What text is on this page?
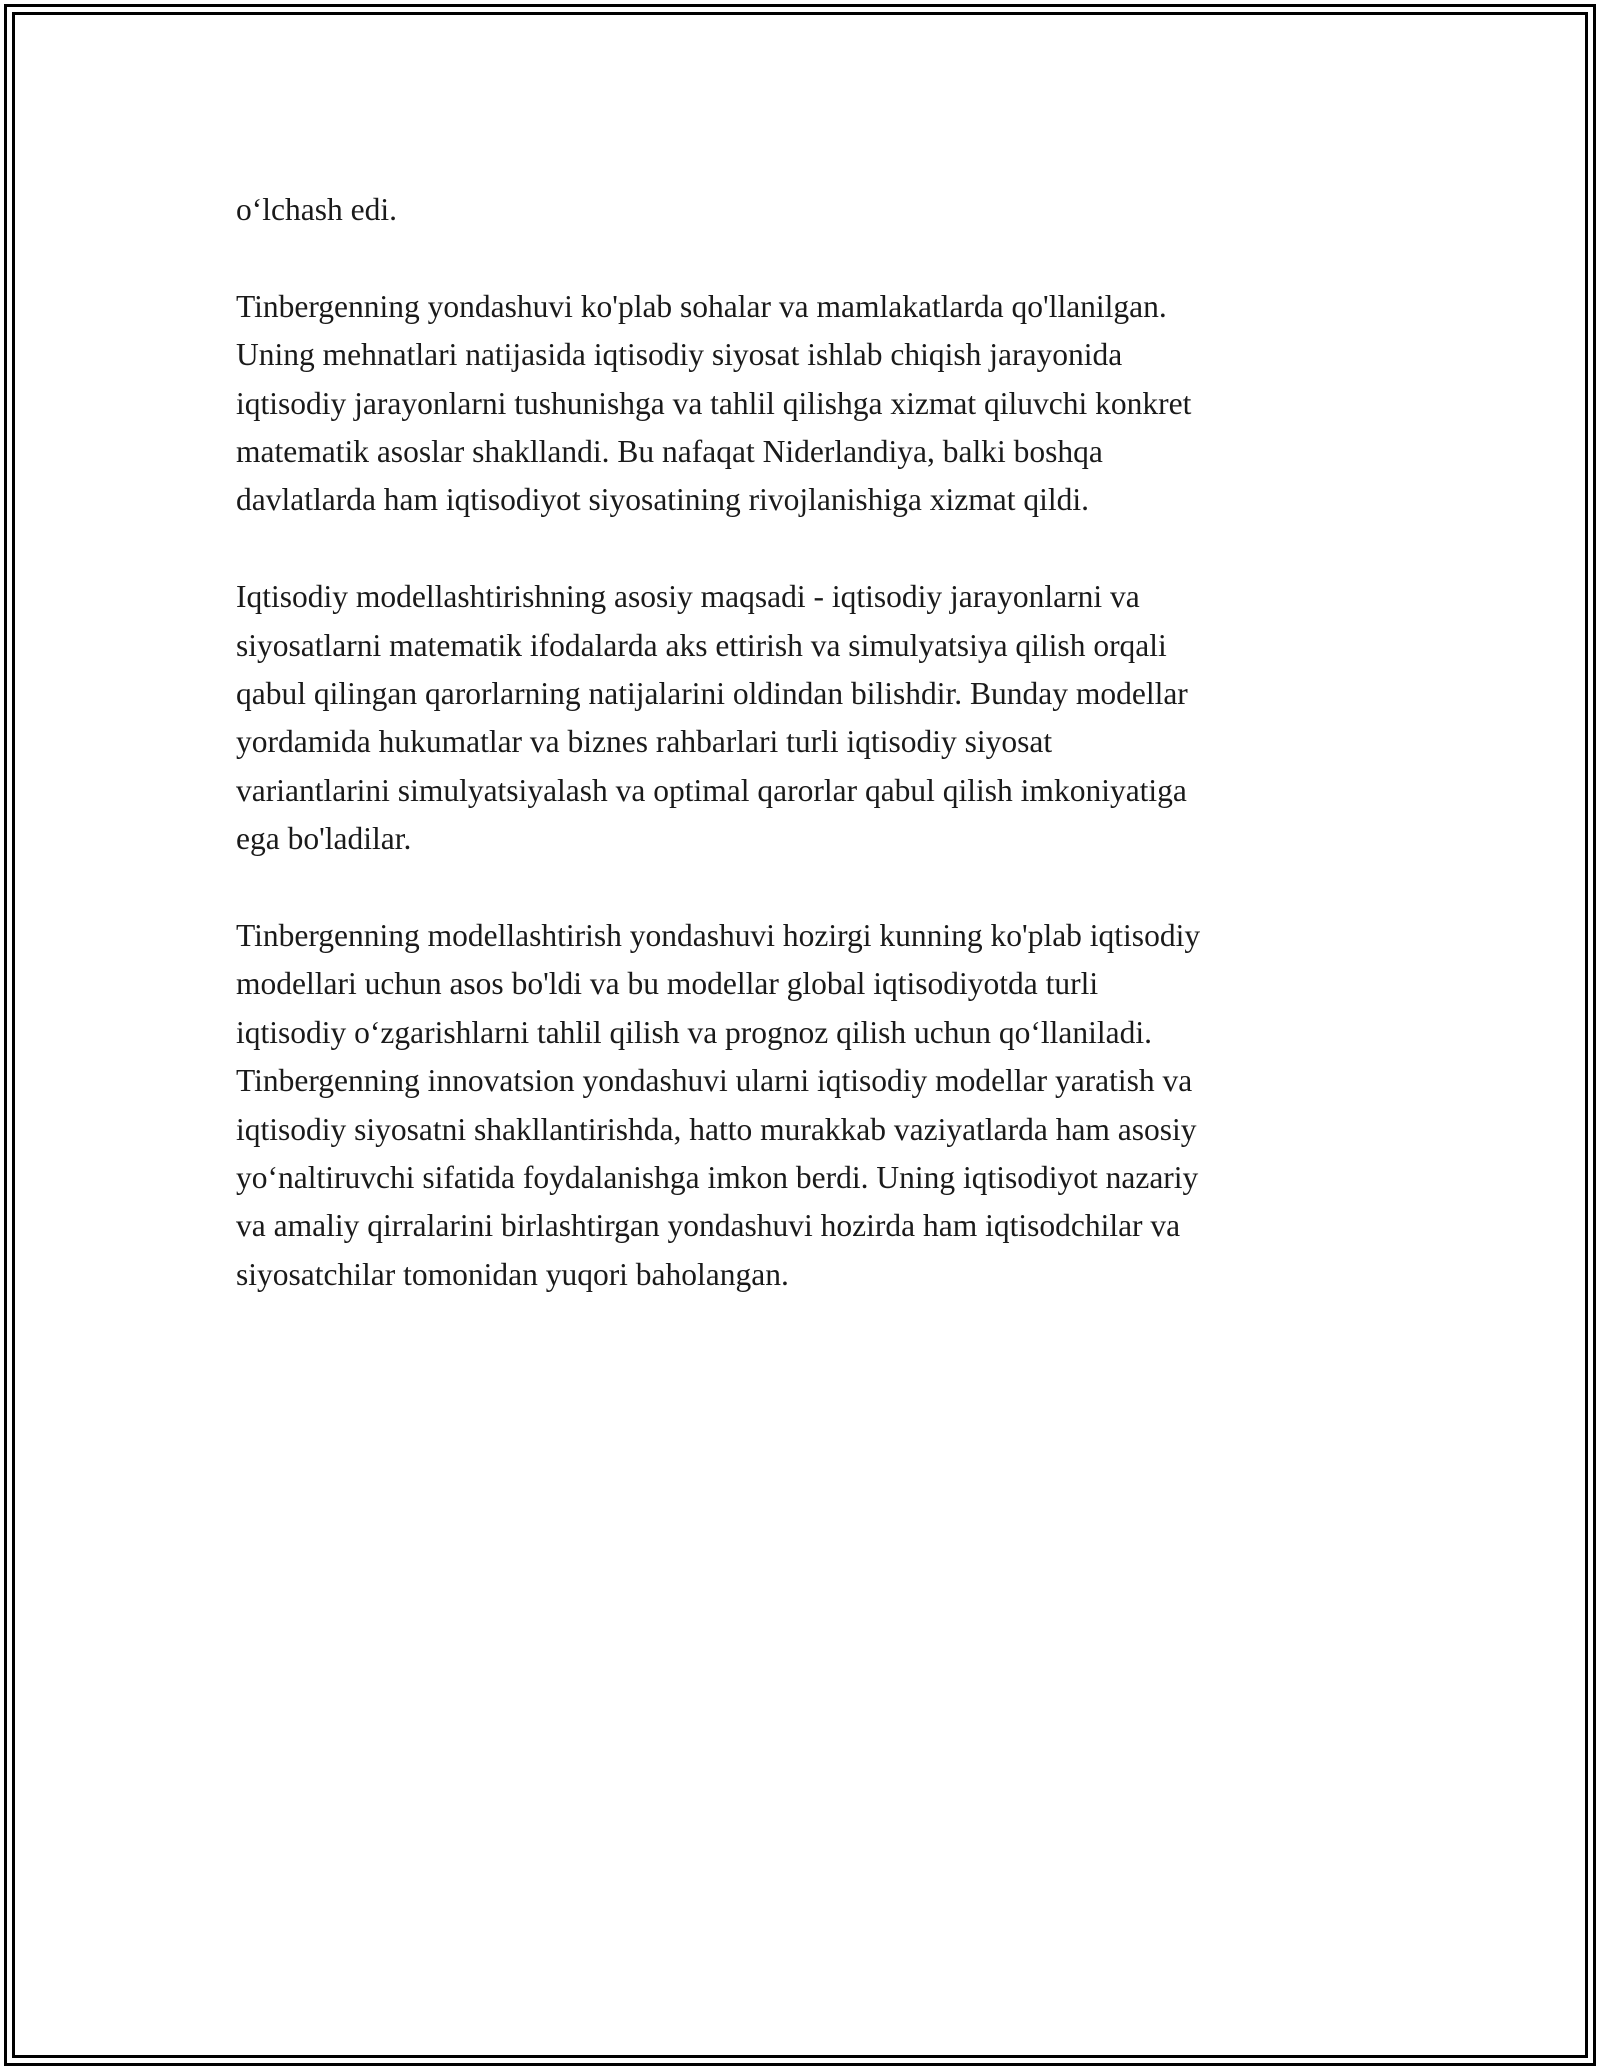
o‘lchash edi.

Tinbergenning yondashuvi ko'plab sohalar va mamlakatlarda qo'llanilgan.
Uning mehnatlari natijasida iqtisodiy siyosat ishlab chiqish jarayonida
iqtisodiy jarayonlarni tushunishga va tahlil qilishga xizmat qiluvchi konkret
matematik asoslar shakllandi. Bu nafaqat Niderlandiya, balki boshqa
davlatlarda ham iqtisodiyot siyosatining rivojlanishiga xizmat qildi.

Iqtisodiy modellashtirishning asosiy maqsadi - iqtisodiy jarayonlarni va
siyosatlarni matematik ifodalarda aks ettirish va simulyatsiya qilish orqali
qabul qilingan qarorlarning natijalarini oldindan bilishdir. Bunday modellar
yordamida hukumatlar va biznes rahbarlari turli iqtisodiy siyosat
variantlarini simulyatsiyalash va optimal qarorlar qabul qilish imkoniyatiga
ega bo'ladilar.

Tinbergenning modellashtirish yondashuvi hozirgi kunning ko'plab iqtisodiy
modellari uchun asos bo'ldi va bu modellar global iqtisodiyotda turli
iqtisodiy o‘zgarishlarni tahlil qilish va prognoz qilish uchun qo‘llaniladi.
Tinbergenning innovatsion yondashuvi ularni iqtisodiy modellar yaratish va
iqtisodiy siyosatni shakllantirishda, hatto murakkab vaziyatlarda ham asosiy
yo‘naltiruvchi sifatida foydalanishga imkon berdi. Uning iqtisodiyot nazariy
va amaliy qirralarini birlashtirgan yondashuvi hozirda ham iqtisodchilar va
siyosatchilar tomonidan yuqori baholangan.
